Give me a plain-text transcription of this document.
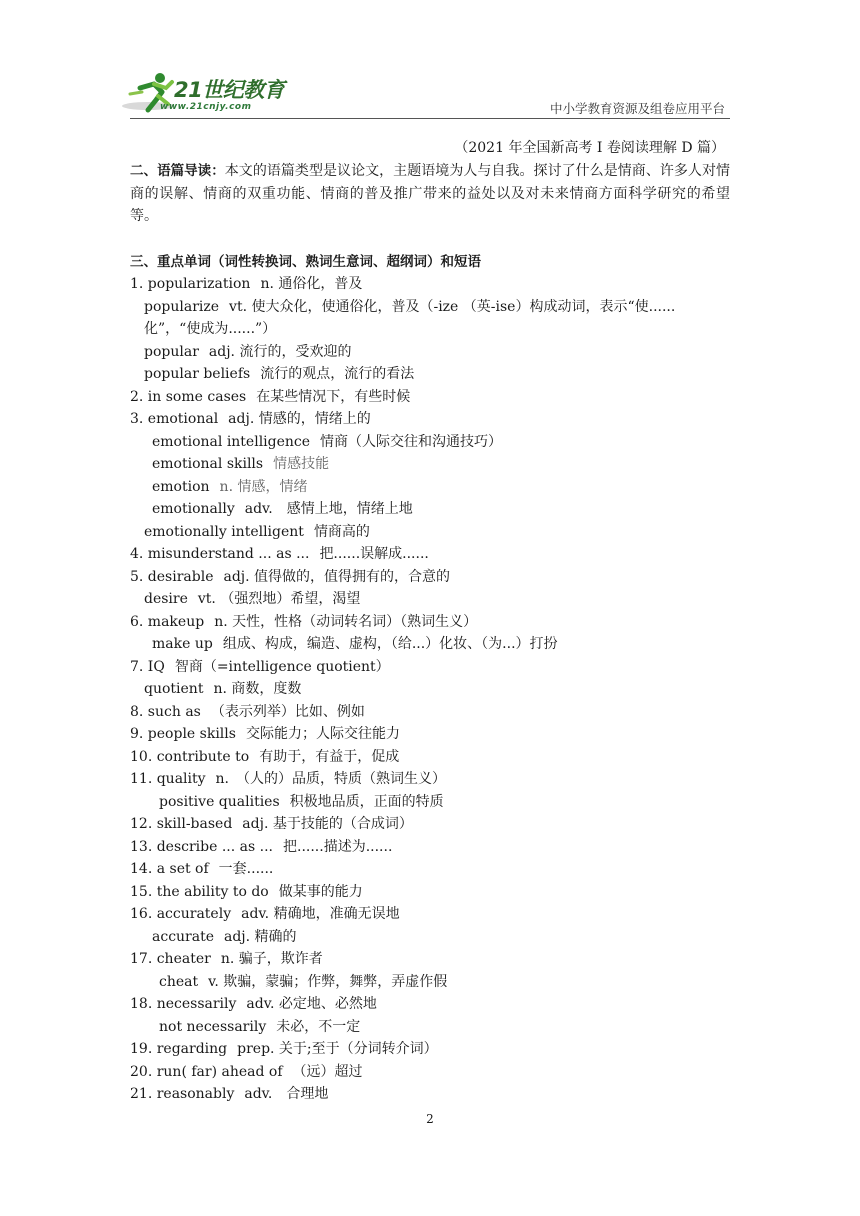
21世纪教育
www.21cnjy.com	中小学教育资源及组卷应用平台
（2021 年全国新高考 I 卷阅读理解 D 篇）

二、语篇导读：本文的语篇类型是议论文，主题语境为人与自我。探讨了什么是情商、许多人对情商的误解、情商的双重功能、情商的普及推广带来的益处以及对未来情商方面科学研究的希望等。

三、重点单词（词性转换词、熟词生意词、超纲词）和短语
1. popularization n. 通俗化，普及
popularize vt. 使大众化，使通俗化，普及（-ize （英-ise）构成动词，表示“使......化”，“使成为......”）
popular adj. 流行的，受欢迎的
popular beliefs 流行的观点，流行的看法
2. in some cases 在某些情况下，有些时候
3. emotional adj. 情感的，情绪上的
emotional intelligence 情商（人际交往和沟通技巧）
emotional skills 情感技能
emotion n. 情感，情绪
emotionally adv.　感情上地，情绪上地
emotionally intelligent 情商高的
4. misunderstand ... as ... 把......误解成......
5. desirable adj. 值得做的，值得拥有的，合意的
desire vt. （强烈地）希望，渴望
6. makeup n. 天性，性格（动词转名词）（熟词生义）
make up 组成、构成，编造、虚构，（给...）化妆、（为...）打扮
7. IQ 智商（=intelligence quotient）
quotient n. 商数，度数
8. such as （表示列举）比如、例如
9. people skills 交际能力；人际交往能力
10. contribute to 有助于，有益于，促成
11. quality n.　（人的）品质，特质（熟词生义）
positive qualities 积极地品质，正面的特质
12. skill-based adj. 基于技能的（合成词）
13. describe ... as ... 把......描述为......
14. a set of 一套......
15. the ability to do 做某事的能力
16. accurately adv. 精确地，准确无误地
accurate adj. 精确的
17. cheater n. 骗子，欺诈者
cheat v. 欺骗，蒙骗；作弊，舞弊，弄虚作假
18. necessarily adv. 必定地、必然地
not necessarily 未必，不一定
19. regarding prep. 关于;至于（分词转介词）
20. run( far) ahead of （远）超过
21. reasonably adv.　合理地
2
